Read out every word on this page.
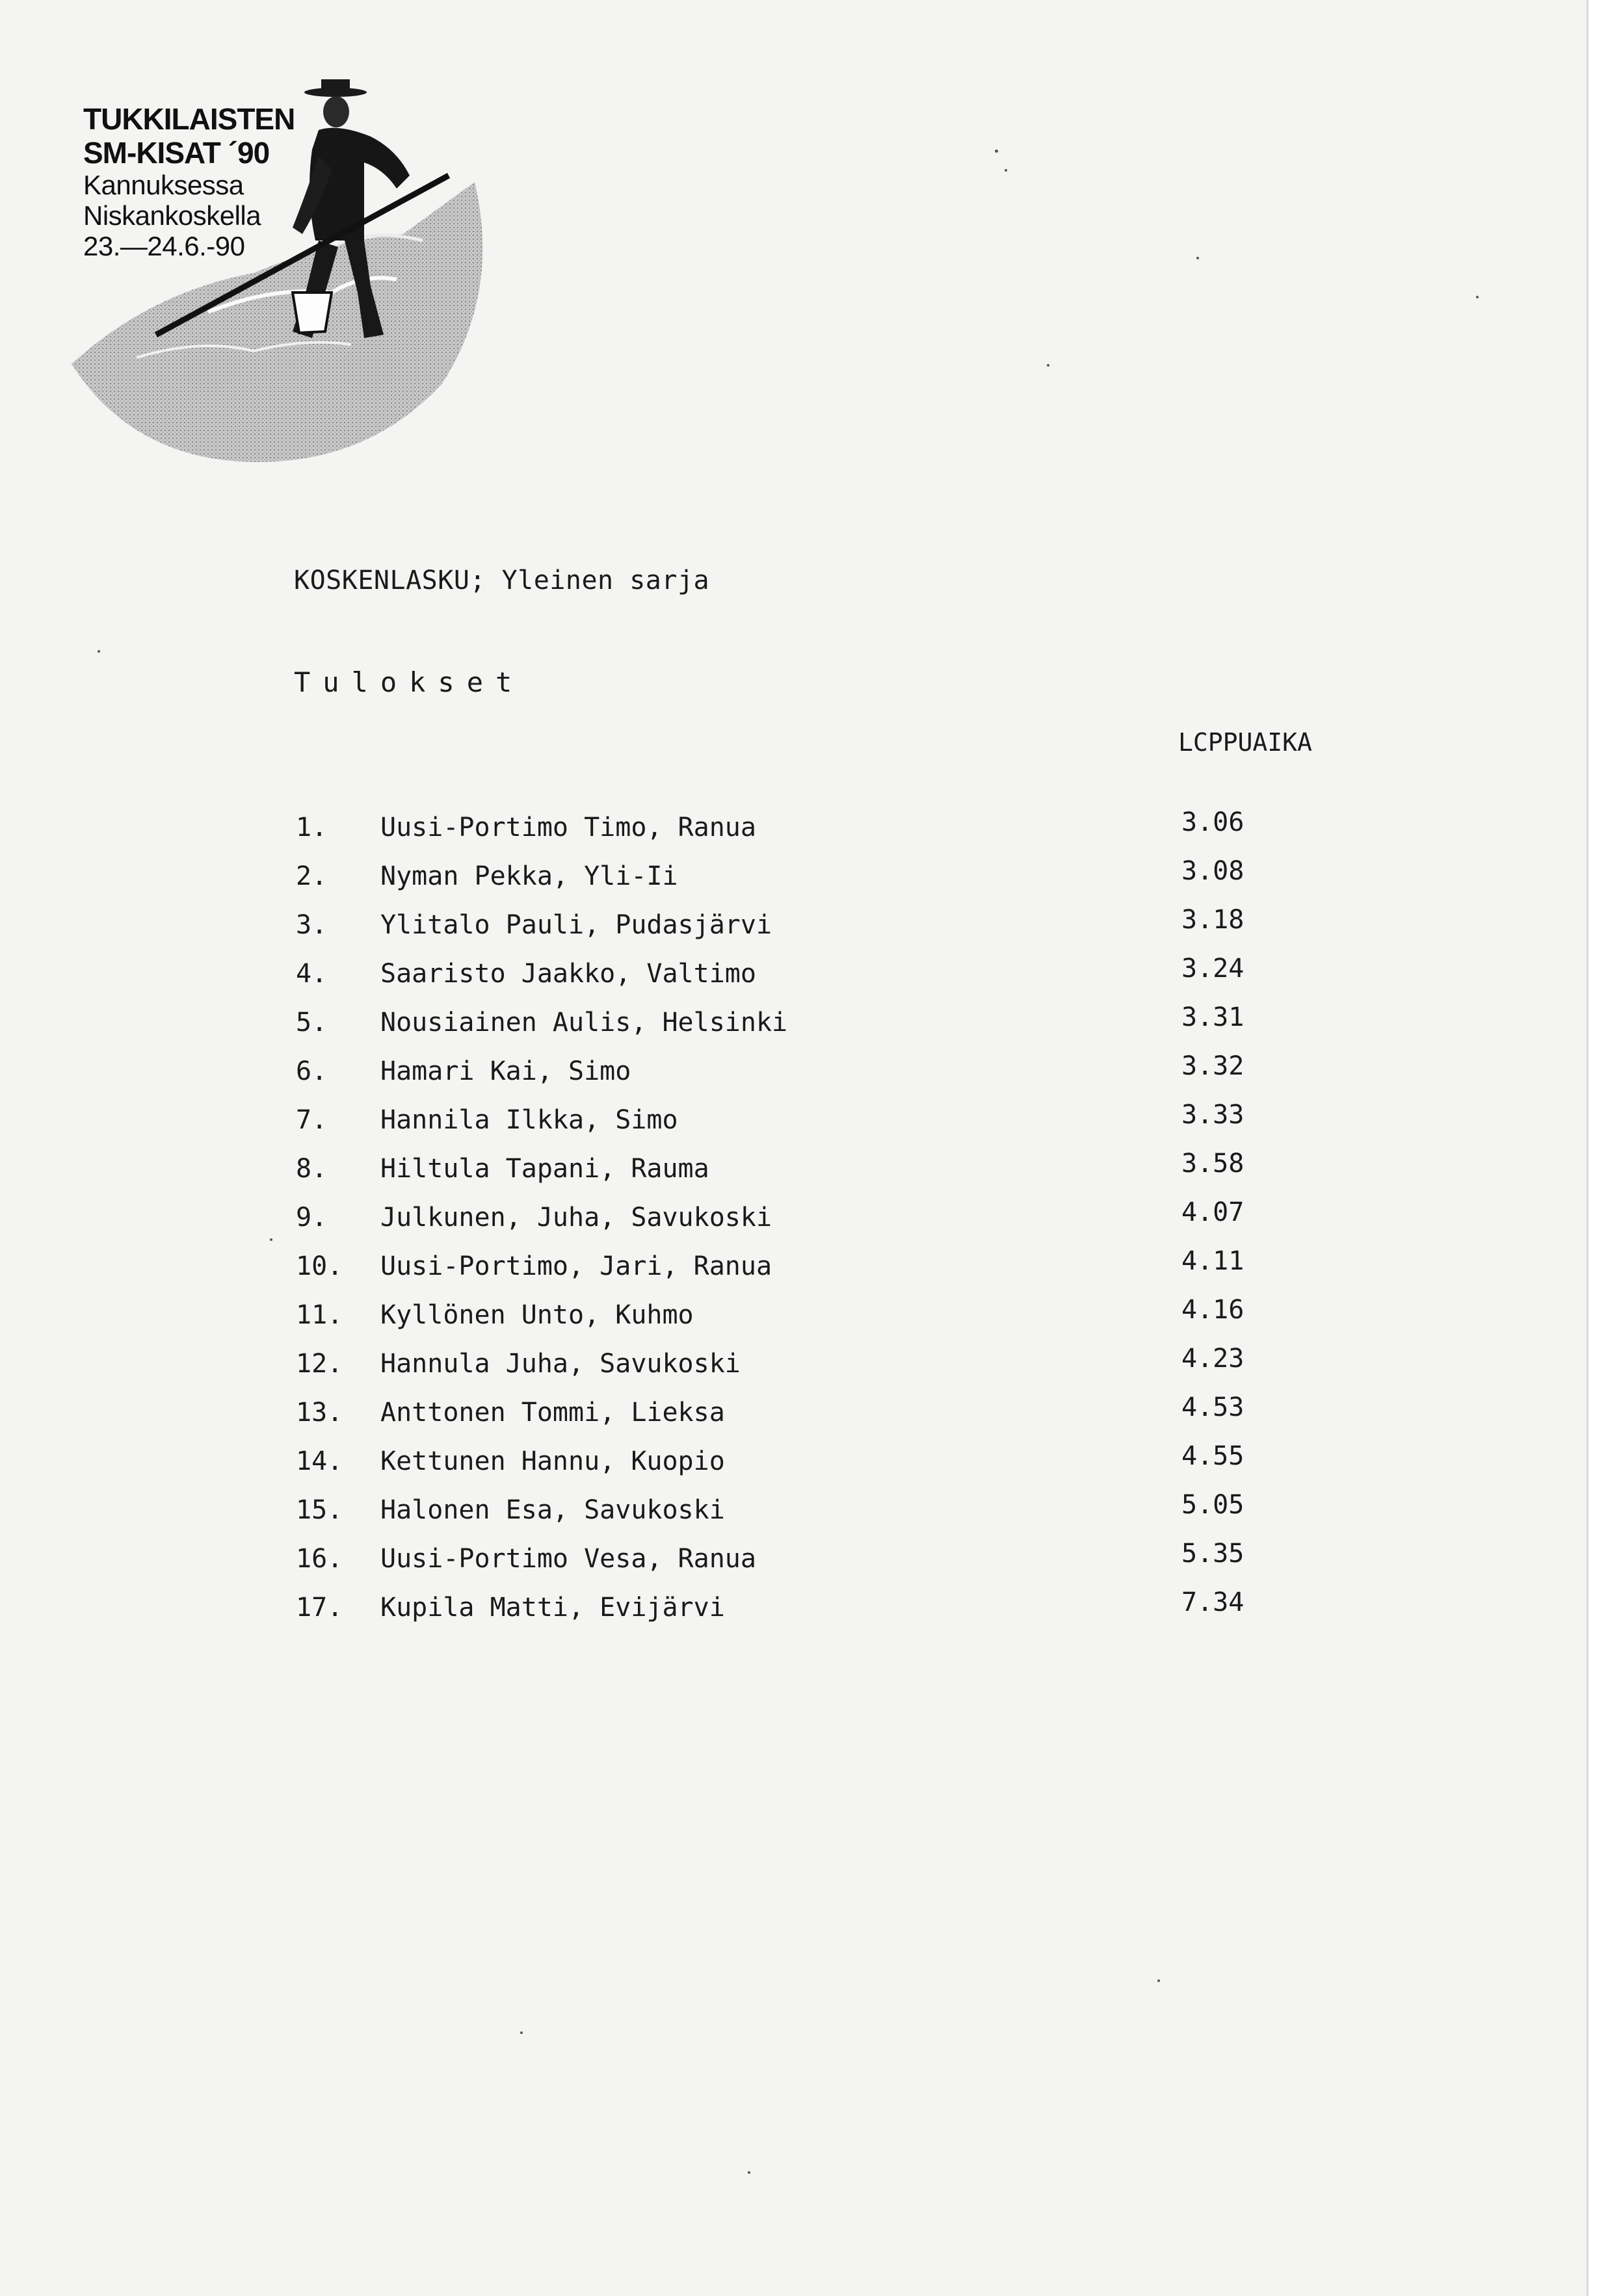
TUKKILAISTEN
SM-KISAT ´90
Kannuksessa
Niskankoskella
23.—24.6.-90
KOSKENLASKU; Yleinen sarja
Tulokset
LCPPUAIKA
1.	Uusi-Portimo Timo, Ranua	3.06
2.	Nyman Pekka, Yli-Ii	3.08
3.	Ylitalo Pauli, Pudasjärvi	3.18
4.	Saaristo Jaakko, Valtimo	3.24
5.	Nousiainen Aulis, Helsinki	3.31
6.	Hamari Kai, Simo	3.32
7.	Hannila Ilkka, Simo	3.33
8.	Hiltula Tapani, Rauma	3.58
9.	Julkunen, Juha, Savukoski	4.07
10.	Uusi-Portimo, Jari, Ranua	4.11
11.	Kyllönen Unto, Kuhmo	4.16
12.	Hannula Juha, Savukoski	4.23
13.	Anttonen Tommi, Lieksa	4.53
14.	Kettunen Hannu, Kuopio	4.55
15.	Halonen Esa, Savukoski	5.05
16.	Uusi-Portimo Vesa, Ranua	5.35
17.	Kupila Matti, Evijärvi	7.34
